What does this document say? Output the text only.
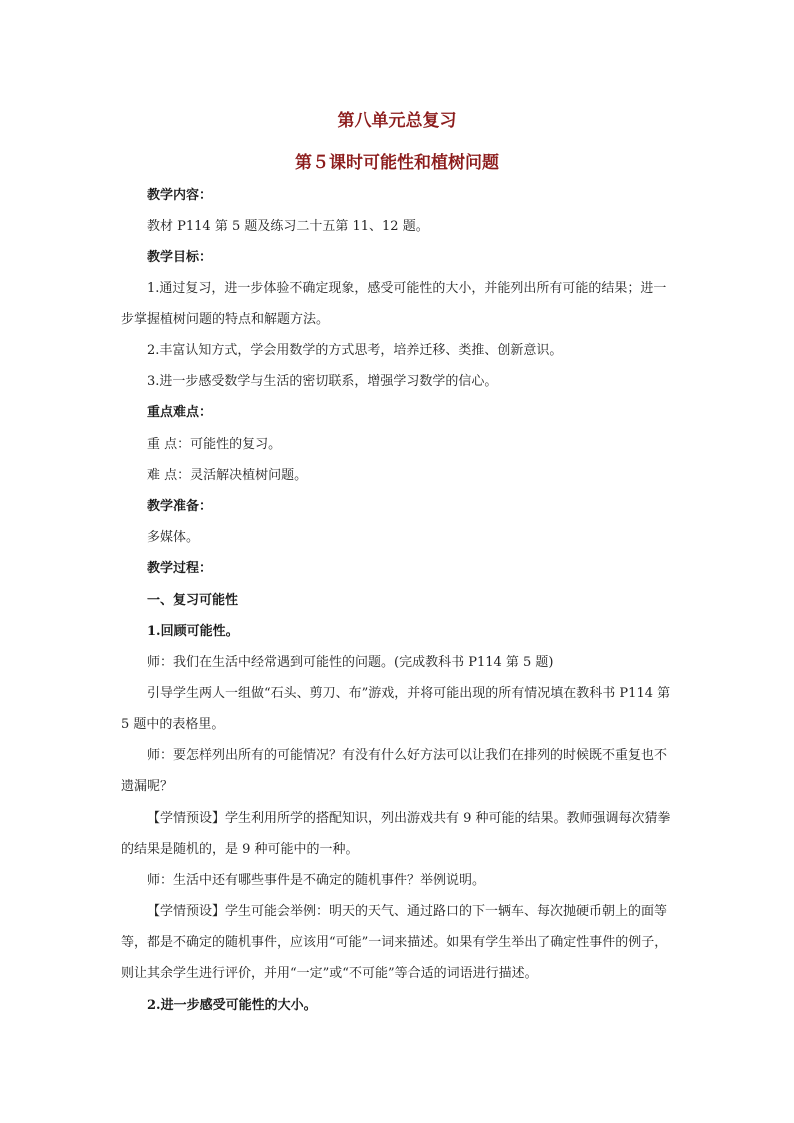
第八单元总复习
第５课时可能性和植树问题
教学内容：
教材 P114 第 5 题及练习二十五第 11、12 题。
教学目标：
1.通过复习，进一步体验不确定现象，感受可能性的大小，并能列出所有可能的结果；进一步掌握植树问题的特点和解题方法。
2.丰富认知方式，学会用数学的方式思考，培养迁移、类推、创新意识。
3.进一步感受数学与生活的密切联系，增强学习数学的信心。
重点难点：
重 点：可能性的复习。
难 点：灵活解决植树问题。
教学准备：
多媒体。
教学过程：
一、复习可能性
1.回顾可能性。
师：我们在生活中经常遇到可能性的问题。(完成教科书 P114 第 5 题)
引导学生两人一组做“石头、剪刀、布”游戏，并将可能出现的所有情况填在教科书 P114 第 5 题中的表格里。
师：要怎样列出所有的可能情况？有没有什么好方法可以让我们在排列的时候既不重复也不遗漏呢？
【学情预设】学生利用所学的搭配知识，列出游戏共有 9 种可能的结果。教师强调每次猜拳的结果是随机的，是 9 种可能中的一种。
师：生活中还有哪些事件是不确定的随机事件？举例说明。
【学情预设】学生可能会举例：明天的天气、通过路口的下一辆车、每次抛硬币朝上的面等等，都是不确定的随机事件，应该用“可能”一词来描述。如果有学生举出了确定性事件的例子，则让其余学生进行评价，并用“一定”或“不可能”等合适的词语进行描述。
2.进一步感受可能性的大小。
